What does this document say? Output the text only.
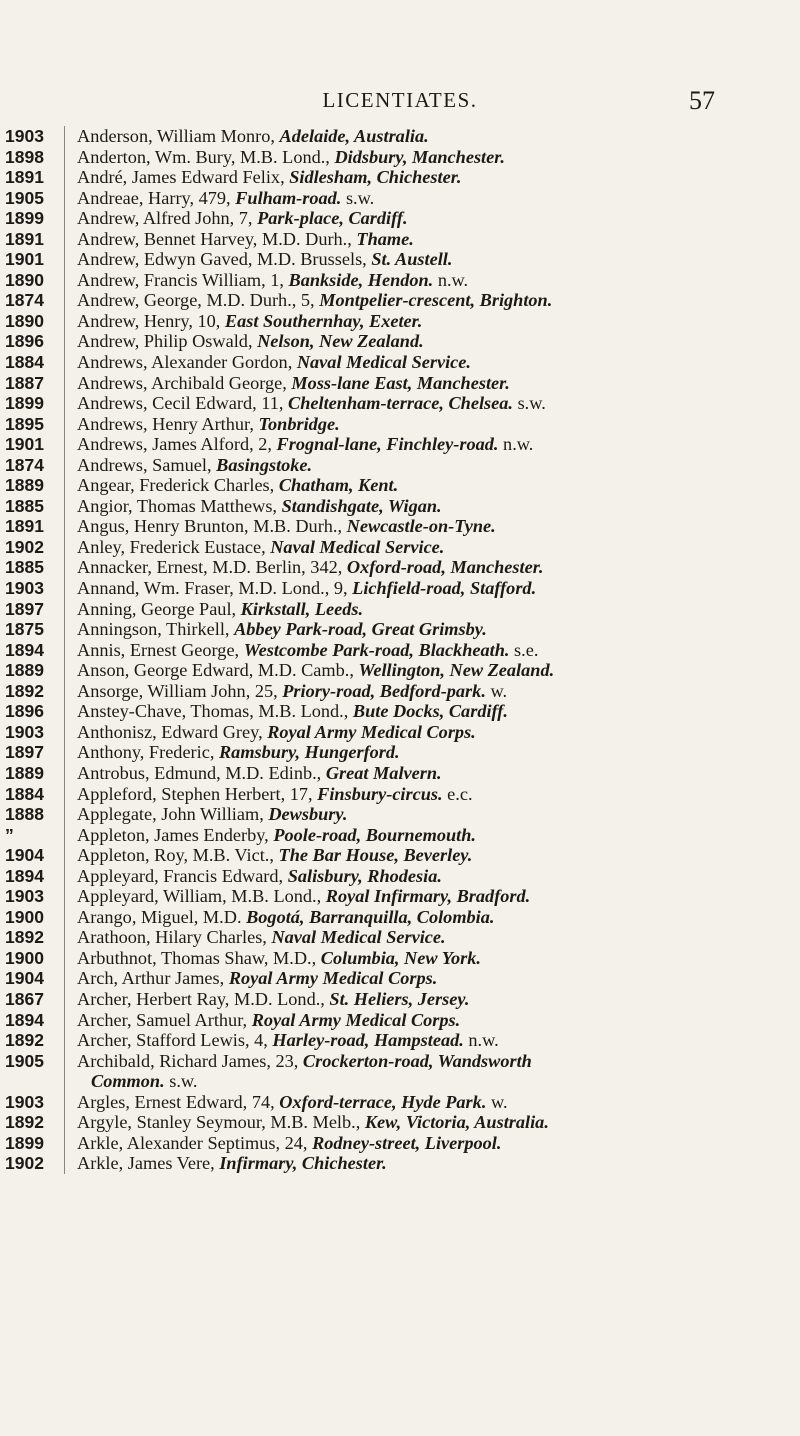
LICENTIATES.	57
1903	Anderson, William Monro, Adelaide, Australia.
1898	Anderton, Wm. Bury, M.B. Lond., Didsbury, Manchester.
1891	André, James Edward Felix, Sidlesham, Chichester.
1905	Andreae, Harry, 479, Fulham-road. s.w.
1899	Andrew, Alfred John, 7, Park-place, Cardiff.
1891	Andrew, Bennet Harvey, M.D. Durh., Thame.
1901	Andrew, Edwyn Gaved, M.D. Brussels, St. Austell.
1890	Andrew, Francis William, 1, Bankside, Hendon. n.w.
1874	Andrew, George, M.D. Durh., 5, Montpelier-crescent, Brighton.
1890	Andrew, Henry, 10, East Southernhay, Exeter.
1896	Andrew, Philip Oswald, Nelson, New Zealand.
1884	Andrews, Alexander Gordon, Naval Medical Service.
1887	Andrews, Archibald George, Moss-lane East, Manchester.
1899	Andrews, Cecil Edward, 11, Cheltenham-terrace, Chelsea. s.w.
1895	Andrews, Henry Arthur, Tonbridge.
1901	Andrews, James Alford, 2, Frognal-lane, Finchley-road. n.w.
1874	Andrews, Samuel, Basingstoke.
1889	Angear, Frederick Charles, Chatham, Kent.
1885	Angior, Thomas Matthews, Standishgate, Wigan.
1891	Angus, Henry Brunton, M.B. Durh., Newcastle-on-Tyne.
1902	Anley, Frederick Eustace, Naval Medical Service.
1885	Annacker, Ernest, M.D. Berlin, 342, Oxford-road, Manchester.
1903	Annand, Wm. Fraser, M.D. Lond., 9, Lichfield-road, Stafford.
1897	Anning, George Paul, Kirkstall, Leeds.
1875	Anningson, Thirkell, Abbey Park-road, Great Grimsby.
1894	Annis, Ernest George, Westcombe Park-road, Blackheath. s.e.
1889	Anson, George Edward, M.D. Camb., Wellington, New Zealand.
1892	Ansorge, William John, 25, Priory-road, Bedford-park. w.
1896	Anstey-Chave, Thomas, M.B. Lond., Bute Docks, Cardiff.
1903	Anthonisz, Edward Grey, Royal Army Medical Corps.
1897	Anthony, Frederic, Ramsbury, Hungerford.
1889	Antrobus, Edmund, M.D. Edinb., Great Malvern.
1884	Appleford, Stephen Herbert, 17, Finsbury-circus. e.c.
1888	Applegate, John William, Dewsbury.
”	Appleton, James Enderby, Poole-road, Bournemouth.
1904	Appleton, Roy, M.B. Vict., The Bar House, Beverley.
1894	Appleyard, Francis Edward, Salisbury, Rhodesia.
1903	Appleyard, William, M.B. Lond., Royal Infirmary, Bradford.
1900	Arango, Miguel, M.D. Bogotá, Barranquilla, Colombia.
1892	Arathoon, Hilary Charles, Naval Medical Service.
1900	Arbuthnot, Thomas Shaw, M.D., Columbia, New York.
1904	Arch, Arthur James, Royal Army Medical Corps.
1867	Archer, Herbert Ray, M.D. Lond., St. Heliers, Jersey.
1894	Archer, Samuel Arthur, Royal Army Medical Corps.
1892	Archer, Stafford Lewis, 4, Harley-road, Hampstead. n.w.
1905	Archibald, Richard James, 23, Crockerton-road, Wandsworth
Common. s.w.
1903	Argles, Ernest Edward, 74, Oxford-terrace, Hyde Park. w.
1892	Argyle, Stanley Seymour, M.B. Melb., Kew, Victoria, Australia.
1899	Arkle, Alexander Septimus, 24, Rodney-street, Liverpool.
1902	Arkle, James Vere, Infirmary, Chichester.
